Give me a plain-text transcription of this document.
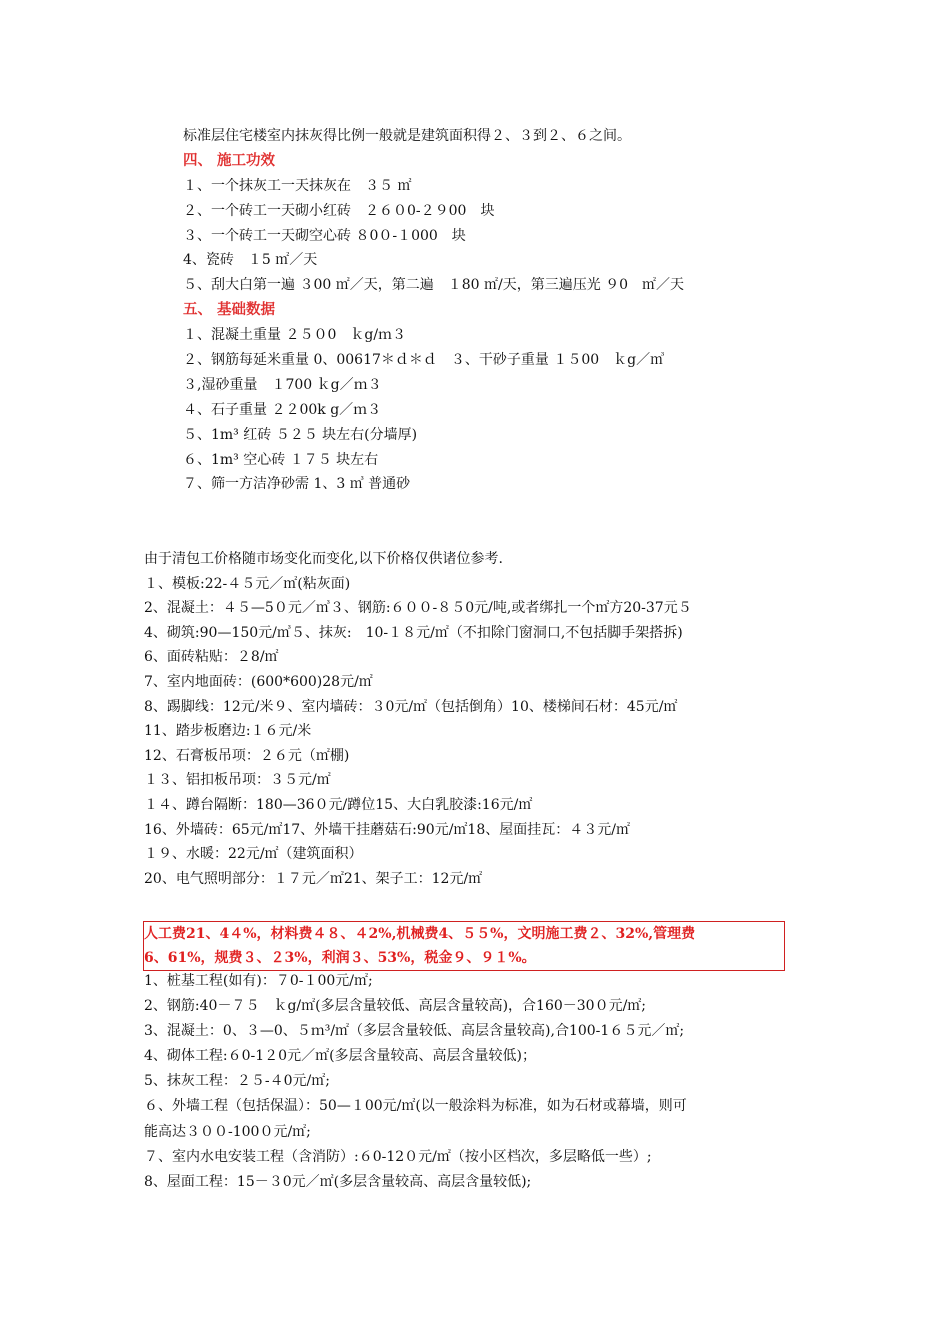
标准层住宅楼室内抹灰得比例一般就是建筑面积得２、３到２、６之间。
四、 施工功效
１、一个抹灰工一天抹灰在　３５ ㎡
２、一个砖工一天砌小红砖　２６０0-２９00　块
３、一个砖工一天砌空心砖 ８0０-１000　块
4、瓷砖　１5 ㎡／天
５、刮大白第一遍 ３00 ㎡／天，第二遍　１80 ㎡/天，第三遍压光 ９0　㎡／天
五、 基础数据
１、混凝土重量 ２５０0　ｋg/ｍ３
２、钢筋每延米重量 0、00617＊ｄ＊ｄ　３、干砂子重量 １５00　ｋg／㎥
３,湿砂重量　１700 ｋg／ｍ３
４、石子重量 ２２00k g／ｍ３
５、1m³ 红砖 ５２５ 块左右(分墙厚)
６、1m³ 空心砖 １７５ 块左右
７、筛一方洁净砂需 1、3 ㎥ 普通砂
由于清包工价格随市场变化而变化,以下价格仅供诸位参考.
１、模板:22-４５元／㎡(粘灰面)
2、混凝土：４５—5０元／㎥３、钢筋:６００-８５0元/吨,或者绑扎一个㎡方20-37元５
4、砌筑:90—150元/㎥５、抹灰:　10-１８元/㎡（不扣除门窗洞口,不包括脚手架搭拆)
6、面砖粘贴：２8/㎡
7、室内地面砖：(600*600)28元/㎡
8、踢脚线：12元/米９、室内墙砖：３0元/㎡（包括倒角）10、楼梯间石材：45元/㎡
11、踏步板磨边:１６元/米
12、石膏板吊项：２６元（㎡棚)
１３、铝扣板吊项：３５元/㎡
１４、蹲台隔断：180—36０元/蹲位15、大白乳胶漆:16元/㎡
16、外墙砖：65元/㎡17、外墙干挂蘑菇石:90元/㎡18、屋面挂瓦：４３元/㎡
１９、水暖：22元/㎡（建筑面积）
20、电气照明部分：１７元／㎡21、架子工：12元/㎡
人工费21、4４%，材料费４８、４2%,机械费4、５５%，文明施工费２、32%,管理费
6、61%，规费３、２3%，利润３、53%，税金９、９１%。
1、桩基工程(如有)：７0-１00元/㎡;
2、钢筋:40－７５　ｋg/㎡(多层含量较低、高层含量较高)，合160－30０元/㎡;
3、混凝土：0、３—0、５ｍ³/㎡（多层含量较低、高层含量较高),合100-1６５元／㎡;
4、砌体工程:６0-1２0元／㎡(多层含量较高、高层含量较低)；
5、抹灰工程：２５-４0元/㎡;
６、外墙工程（包括保温）：50—１00元/㎡(以一般涂料为标准，如为石材或幕墙，则可
能高达３００-100０元/㎡;
７、室内水电安装工程（含消防）:６0-12０元/㎡（按小区档次，多层略低一些）;
8、屋面工程：15－３0元／㎡(多层含量较高、高层含量较低);
